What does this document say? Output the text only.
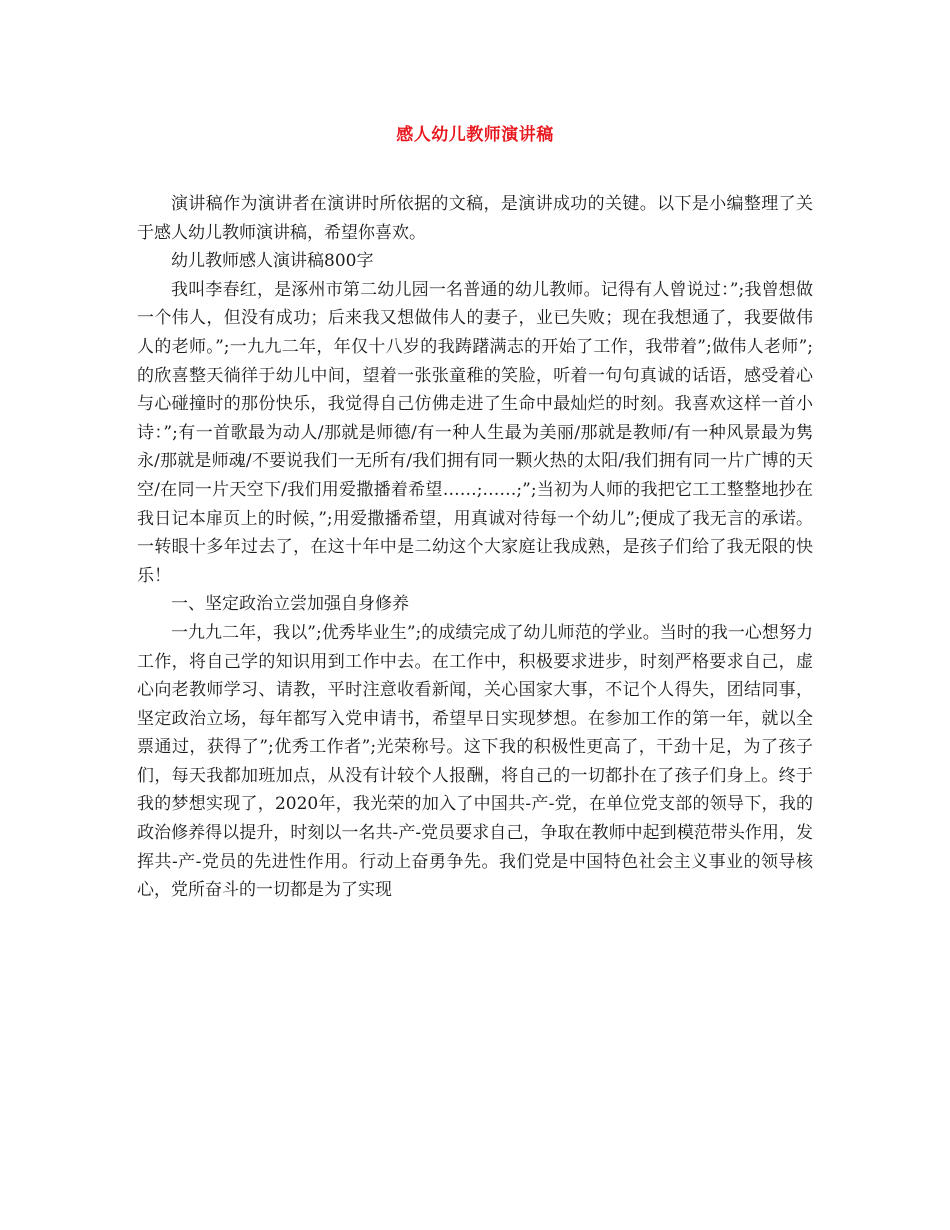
感人幼儿教师演讲稿

演讲稿作为演讲者在演讲时所依据的文稿，是演讲成功的关键。以下是小编整理了关于感人幼儿教师演讲稿，希望你喜欢。

幼儿教师感人演讲稿800字

我叫李春红，是涿州市第二幼儿园一名普通的幼儿教师。记得有人曾说过：”;我曾想做一个伟人，但没有成功；后来我又想做伟人的妻子，业已失败；现在我想通了，我要做伟人的老师。”;一九九二年，年仅十八岁的我踌躇满志的开始了工作，我带着”;做伟人老师”;的欣喜整天徜徉于幼儿中间，望着一张张童稚的笑脸，听着一句句真诚的话语，感受着心与心碰撞时的那份快乐，我觉得自己仿佛走进了生命中最灿烂的时刻。我喜欢这样一首小诗：”;有一首歌最为动人/那就是师德/有一种人生最为美丽/那就是教师/有一种风景最为隽永/那就是师魂/不要说我们一无所有/我们拥有同一颗火热的太阳/我们拥有同一片广博的天空/在同一片天空下/我们用爱撒播着希望……;……;”;当初为人师的我把它工工整整地抄在我日记本扉页上的时候，”;用爱撒播希望，用真诚对待每一个幼儿”;便成了我无言的承诺。一转眼十多年过去了，在这十年中是二幼这个大家庭让我成熟，是孩子们给了我无限的快乐！

一、坚定政治立尝加强自身修养

一九九二年，我以”;优秀毕业生”;的成绩完成了幼儿师范的学业。当时的我一心想努力工作，将自己学的知识用到工作中去。在工作中，积极要求进步，时刻严格要求自己，虚心向老教师学习、请教，平时注意收看新闻，关心国家大事，不记个人得失，团结同事，坚定政治立场，每年都写入党申请书，希望早日实现梦想。在参加工作的第一年，就以全票通过，获得了”;优秀工作者”;光荣称号。这下我的积极性更高了，干劲十足，为了孩子们，每天我都加班加点，从没有计较个人报酬，将自己的一切都扑在了孩子们身上。终于我的梦想实现了，2020年，我光荣的加入了中国共-产-党，在单位党支部的领导下，我的政治修养得以提升，时刻以一名共-产-党员要求自己，争取在教师中起到模范带头作用，发挥共-产-党员的先进性作用。行动上奋勇争先。我们党是中国特色社会主义事业的领导核心，党所奋斗的一切都是为了实现
